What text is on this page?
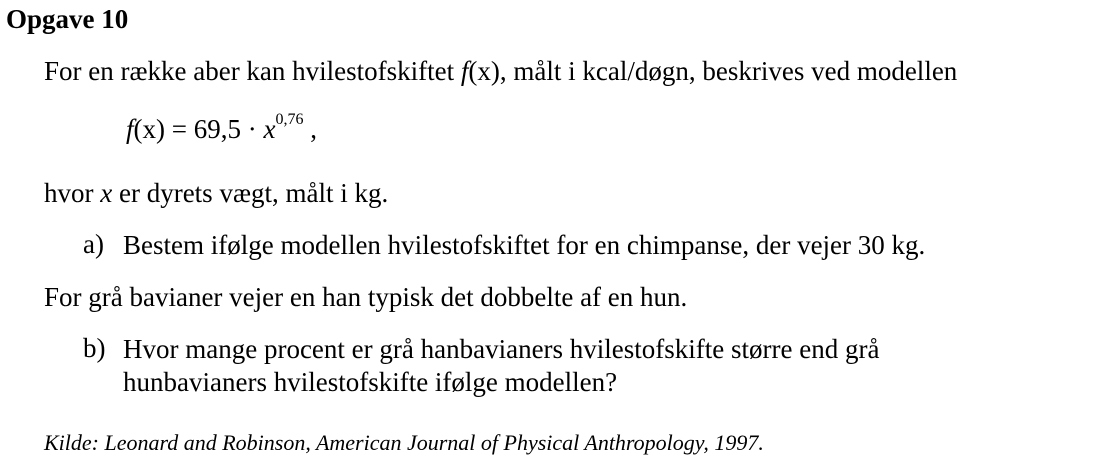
Opgave 10
For en række aber kan hvilestofskiftet f(x), målt i kcal/døgn, beskrives ved modellen
$f(x) = 69,5 \cdot x^{0,76}$ ,
hvor x er dyrets vægt, målt i kg.
a) Bestem ifølge modellen hvilestofskiftet for en chimpanse, der vejer 30 kg.
For grå bavianer vejer en han typisk det dobbelte af en hun.
b) Hvor mange procent er grå hanbavianers hvilestofskifte større end grå
hunbavianers hvilestofskifte ifølge modellen?
Kilde: Leonard and Robinson, American Journal of Physical Anthropology, 1997.
